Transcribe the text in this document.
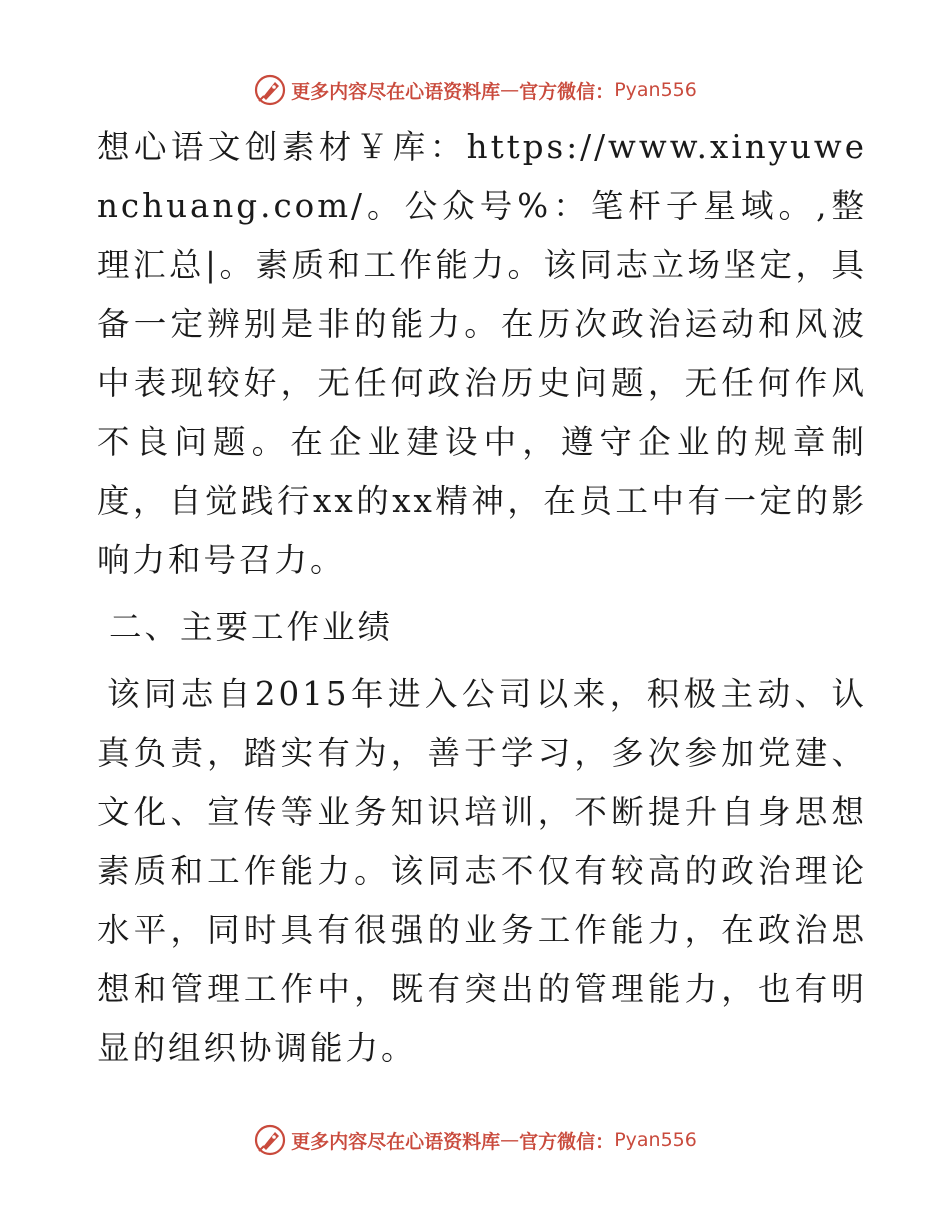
更多内容尽在心语资料库 — 官方微信： Pyan556

想心语文创素材￥库：https://www.xinyuwenchuang.com/。公众号%：笔杆子星域。,整理汇总|。素质和工作能力。该同志立场坚定，具备一定辨别是非的能力。在历次政治运动和风波中表现较好，无任何政治历史问题，无任何作风不良问题。在企业建设中，遵守企业的规章制度，自觉践行xx的xx精神，在员工中有一定的影响力和号召力。

二、主要工作业绩

该同志自2015年进入公司以来，积极主动、认真负责，踏实有为，善于学习，多次参加党建、文化、宣传等业务知识培训，不断提升自身思想素质和工作能力。该同志不仅有较高的政治理论水平，同时具有很强的业务工作能力，在政治思想和管理工作中，既有突出的管理能力，也有明显的组织协调能力。

更多内容尽在心语资料库 — 官方微信： Pyan556
